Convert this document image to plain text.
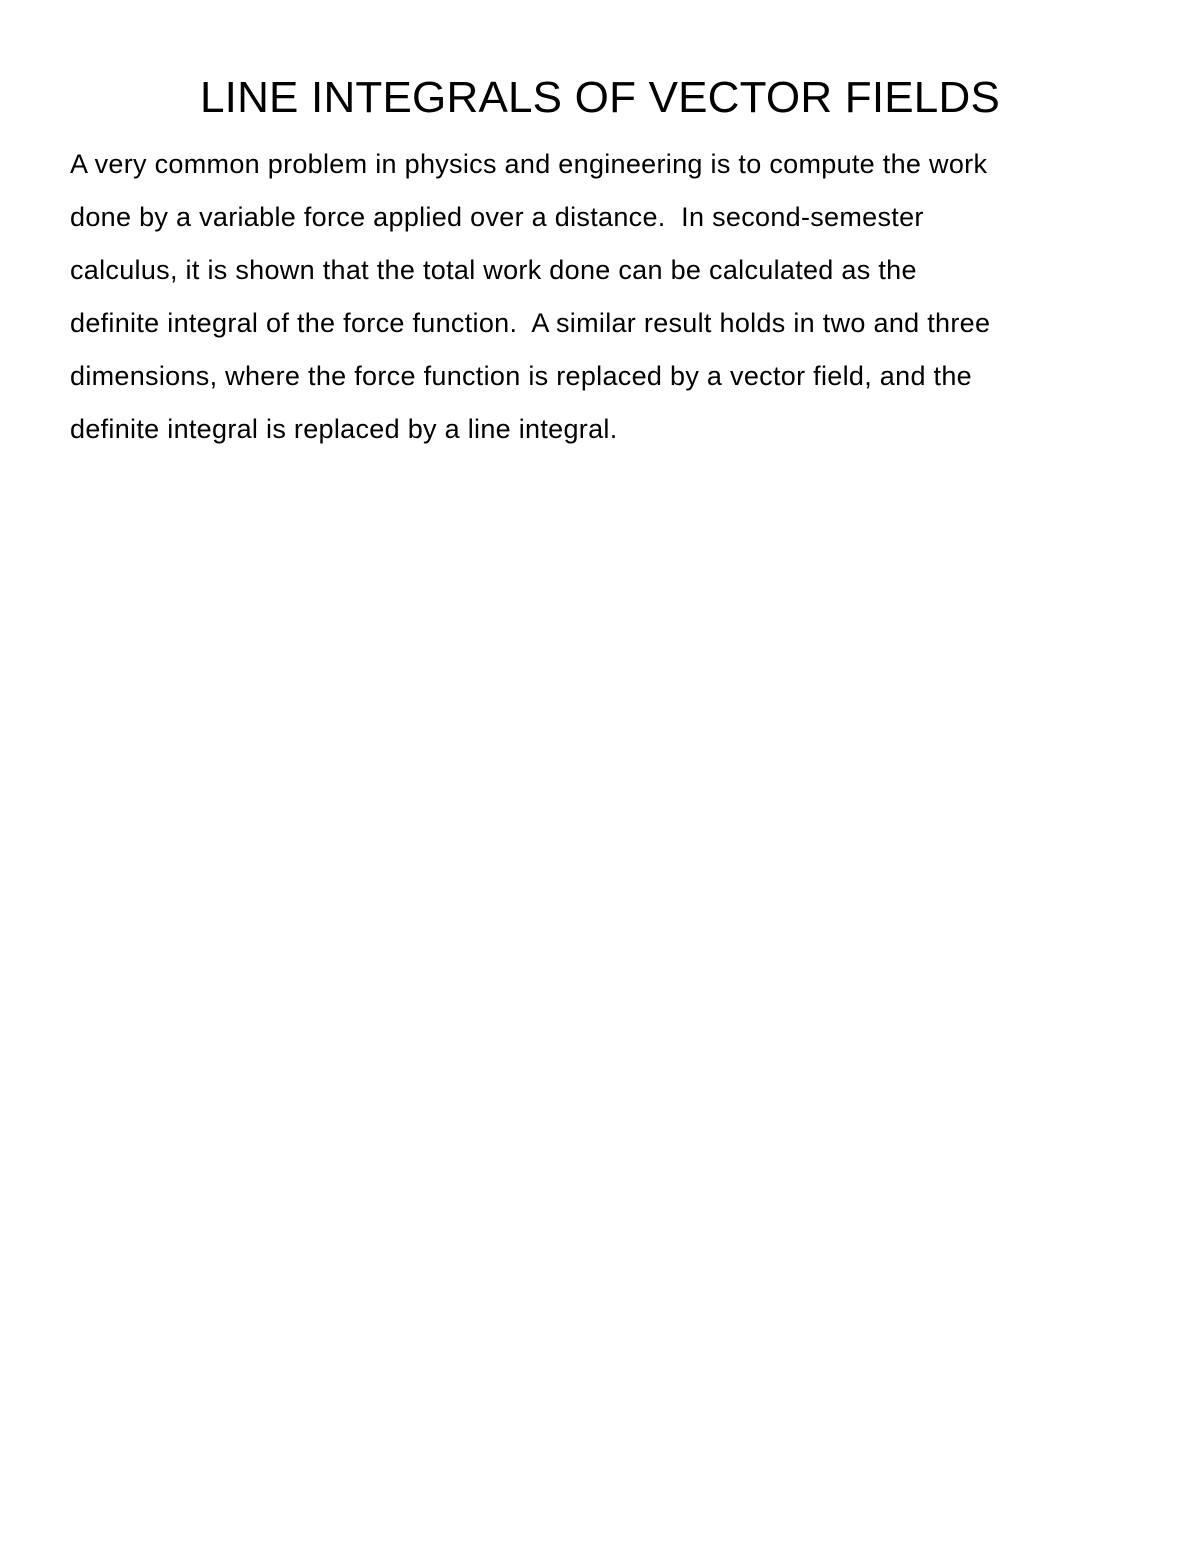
LINE INTEGRALS OF VECTOR FIELDS
A very common problem in physics and engineering is to compute the work
done by a variable force applied over a distance.  In second-semester
calculus, it is shown that the total work done can be calculated as the
definite integral of the force function.  A similar result holds in two and three
dimensions, where the force function is replaced by a vector field, and the
definite integral is replaced by a line integral.
